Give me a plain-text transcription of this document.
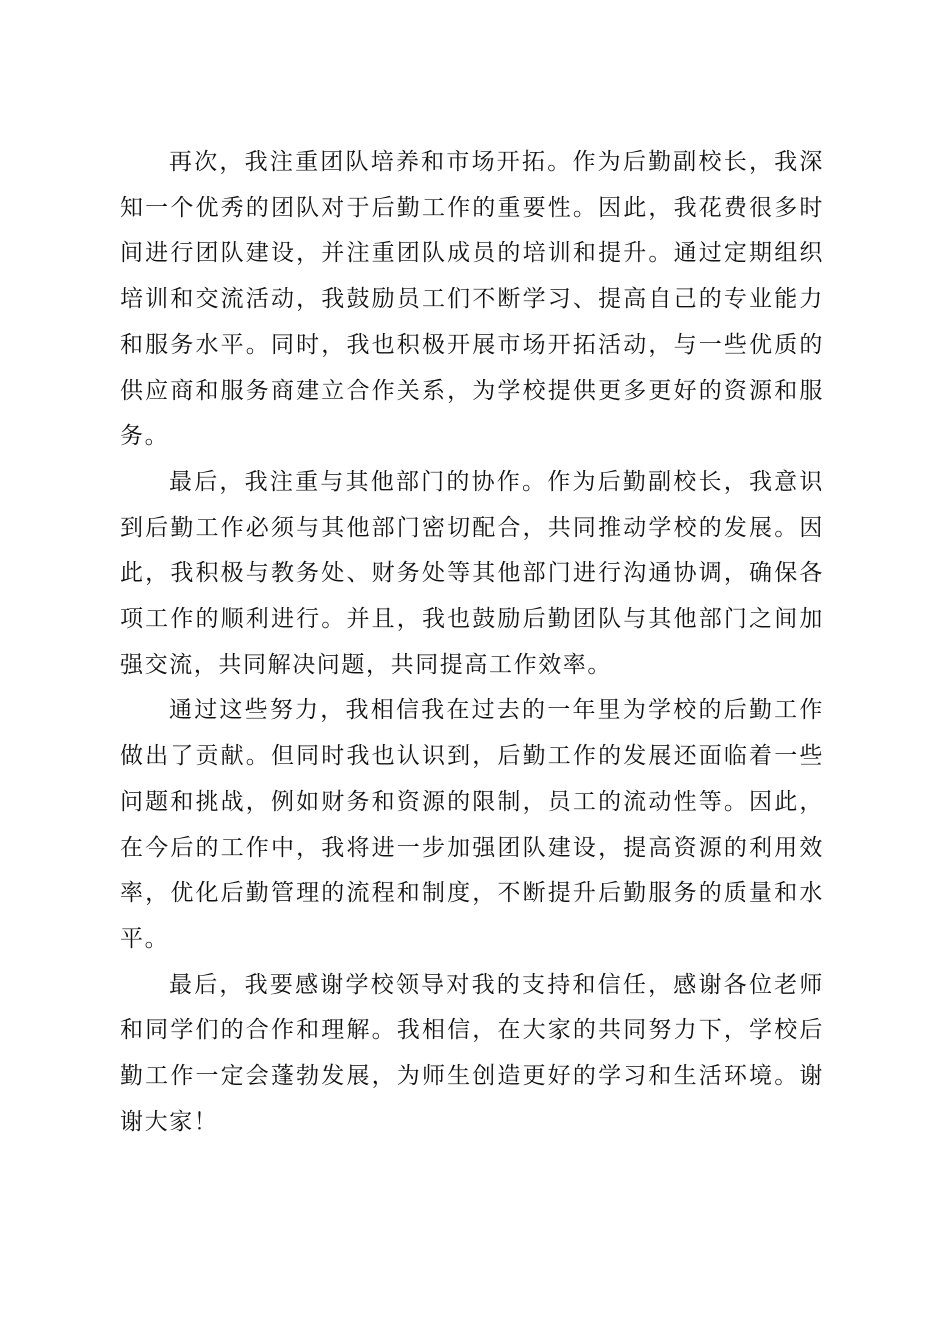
再次，我注重团队培养和市场开拓。作为后勤副校长，我深知一个优秀的团队对于后勤工作的重要性。因此，我花费很多时间进行团队建设，并注重团队成员的培训和提升。通过定期组织培训和交流活动，我鼓励员工们不断学习、提高自己的专业能力和服务水平。同时，我也积极开展市场开拓活动，与一些优质的供应商和服务商建立合作关系，为学校提供更多更好的资源和服务。

最后，我注重与其他部门的协作。作为后勤副校长，我意识到后勤工作必须与其他部门密切配合，共同推动学校的发展。因此，我积极与教务处、财务处等其他部门进行沟通协调，确保各项工作的顺利进行。并且，我也鼓励后勤团队与其他部门之间加强交流，共同解决问题，共同提高工作效率。

通过这些努力，我相信我在过去的一年里为学校的后勤工作做出了贡献。但同时我也认识到，后勤工作的发展还面临着一些问题和挑战，例如财务和资源的限制，员工的流动性等。因此，在今后的工作中，我将进一步加强团队建设，提高资源的利用效率，优化后勤管理的流程和制度，不断提升后勤服务的质量和水平。

最后，我要感谢学校领导对我的支持和信任，感谢各位老师和同学们的合作和理解。我相信，在大家的共同努力下，学校后勤工作一定会蓬勃发展，为师生创造更好的学习和生活环境。谢谢大家！
